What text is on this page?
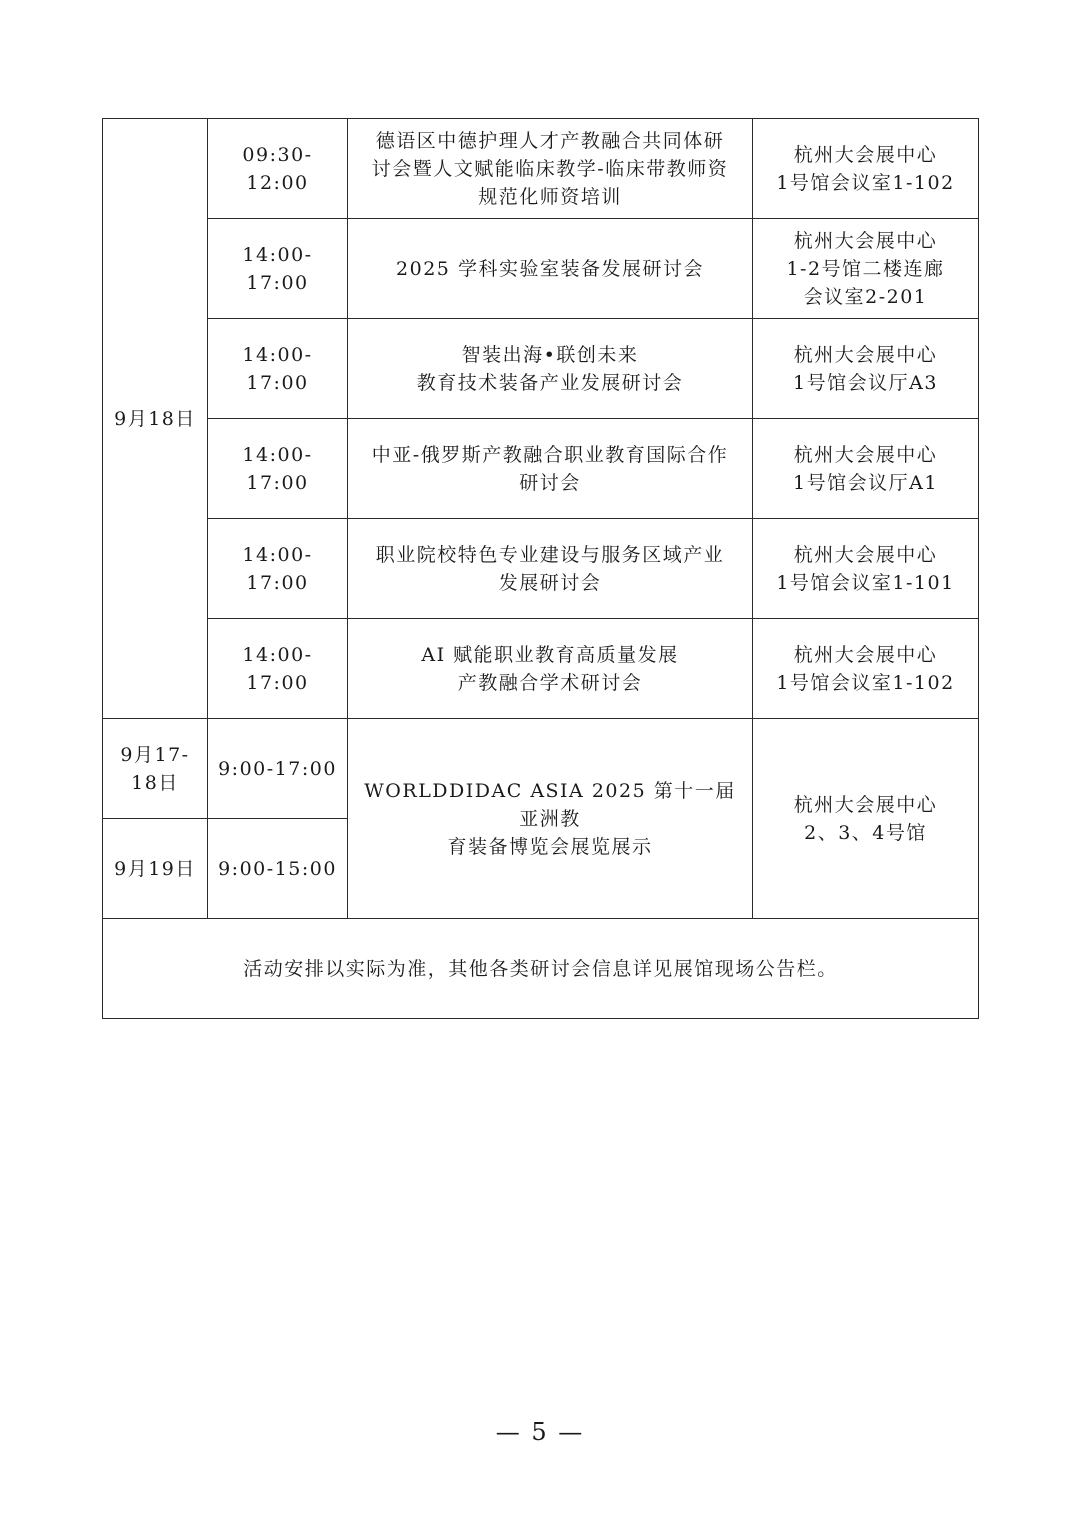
9月18日	09:30-12:00	德语区中德护理人才产教融合共同体研
讨会暨人文赋能临床教学-临床带教师资
规范化师资培训	杭州大会展中心
1号馆会议室1-102

	14:00-17:00	2025 学科实验室装备发展研讨会	杭州大会展中心
1-2号馆二楼连廊
会议室2-201

	14:00-17:00	智装出海•联创未来
教育技术装备产业发展研讨会	杭州大会展中心
1号馆会议厅A3

	14:00-17:00	中亚-俄罗斯产教融合职业教育国际合作
研讨会	杭州大会展中心
1号馆会议厅A1

	14:00-17:00	职业院校特色专业建设与服务区域产业
发展研讨会	杭州大会展中心
1号馆会议室1-101

	14:00-17:00	AI 赋能职业教育高质量发展
产教融合学术研讨会	杭州大会展中心
1号馆会议室1-102

9月17-
18日	9:00-17:00	WORLDDIDAC ASIA 2025 第十一届亚洲教
育装备博览会展览展示	杭州大会展中心
2、3、4号馆

9月19日	9:00-15:00		
活动安排以实际为准，其他各类研讨会信息详见展馆现场公告栏。			
— 5 —
